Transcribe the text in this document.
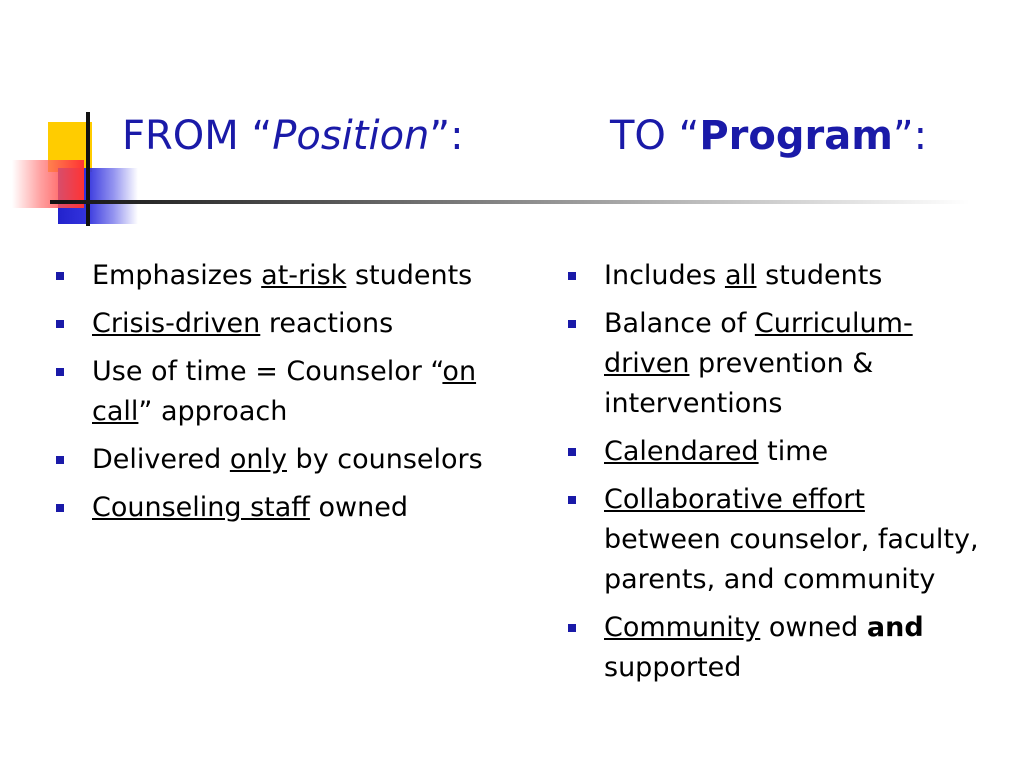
FROM “Position”:	TO “Program”:
Emphasizes at-risk students
Crisis-driven reactions
Use of time = Counselor “on call” approach
Delivered only by counselors
Counseling staff owned
Includes all students
Balance of Curriculum-driven prevention & interventions
Calendared time
Collaborative effort between counselor, faculty, parents, and community
Community owned and supported
